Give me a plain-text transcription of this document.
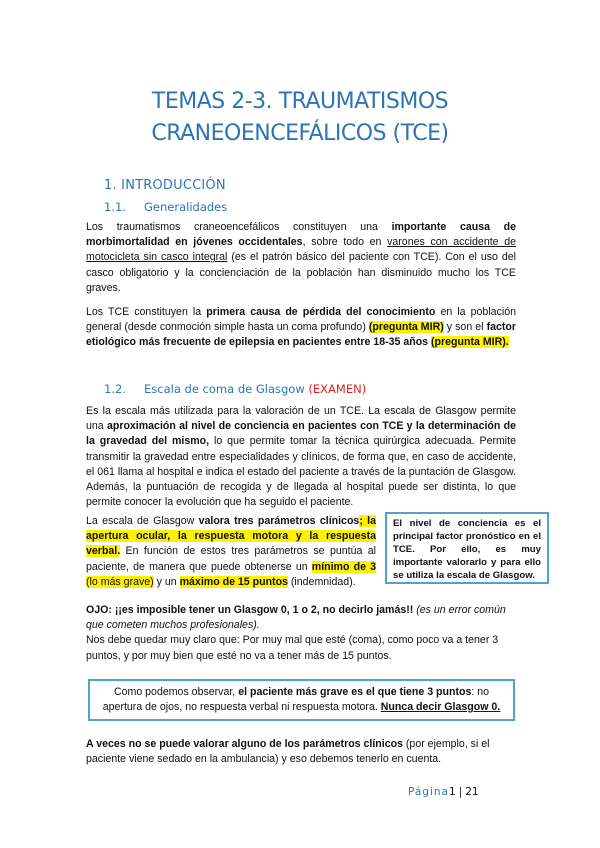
TEMAS 2-3. TRAUMATISMOS
CRANEOENCEFÁLICOS (TCE)
1. INTRODUCCIÓN
1.1. Generalidades
Los traumatismos craneoencefálicos constituyen una importante causa de morbimortalidad en jóvenes occidentales, sobre todo en varones con accidente de motocicleta sin casco integral (es el patrón básico del paciente con TCE). Con el uso del casco obligatorio y la concienciación de la población han disminuido mucho los TCE graves.
Los TCE constituyen la primera causa de pérdida del conocimiento en la población general (desde conmoción simple hasta un coma profundo) (pregunta MIR) y son el factor etiológico más frecuente de epilepsia en pacientes entre 18-35 años (pregunta MIR).
1.2. Escala de coma de Glasgow (EXAMEN)
Es la escala más utilizada para la valoración de un TCE. La escala de Glasgow permite una aproximación al nivel de conciencia en pacientes con TCE y la determinación de la gravedad del mismo, lo que permite tomar la técnica quirúrgica adecuada. Permite transmitir la gravedad entre especialidades y clínicos, de forma que, en caso de accidente, el 061 llama al hospital e indica el estado del paciente a través de la puntación de Glasgow. Además, la puntuación de recogida y de llegada al hospital puede ser distinta, lo que permite conocer la evolución que ha seguido el paciente.
La escala de Glasgow valora tres parámetros clínicos; la apertura ocular, la respuesta motora y la respuesta verbal. En función de estos tres parámetros se puntúa al paciente, de manera que puede obtenerse un mínimo de 3 (lo más grave) y un máximo de 15 puntos (indemnidad).
El nivel de conciencia es el principal factor pronóstico en el TCE. Por ello, es muy importante valorarlo y para ello se utiliza la escala de Glasgow.
OJO: ¡¡es imposible tener un Glasgow 0, 1 o 2, no decirlo jamás!! (es un error común que cometen muchos profesionales).
Nos debe quedar muy claro que: Por muy mal que esté (coma), como poco va a tener 3 puntos, y por muy bien que esté no va a tener más de 15 puntos.
Como podemos observar, el paciente más grave es el que tiene 3 puntos: no apertura de ojos, no respuesta verbal ni respuesta motora. Nunca decir Glasgow 0.
A veces no se puede valorar alguno de los parámetros clínicos (por ejemplo, si el paciente viene sedado en la ambulancia) y eso debemos tenerlo en cuenta.
Página1 | 21
